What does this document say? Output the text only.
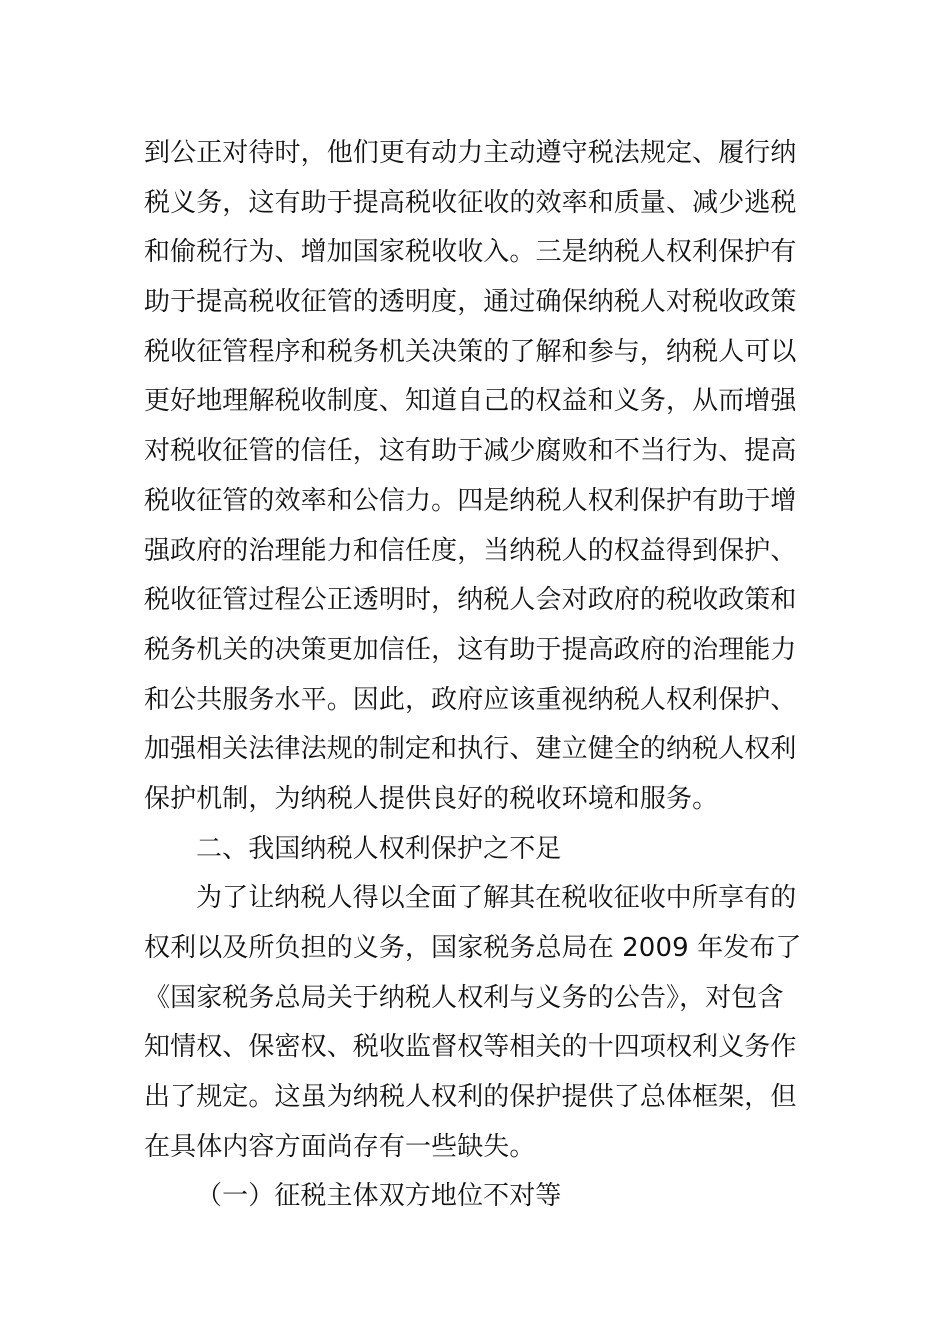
到公正对待时，他们更有动力主动遵守税法规定、履行纳
税义务，这有助于提高税收征收的效率和质量、减少逃税
和偷税行为、增加国家税收收入。三是纳税人权利保护有
助于提高税收征管的透明度，通过确保纳税人对税收政策
税收征管程序和税务机关决策的了解和参与，纳税人可以
更好地理解税收制度、知道自己的权益和义务，从而增强
对税收征管的信任，这有助于减少腐败和不当行为、提高
税收征管的效率和公信力。四是纳税人权利保护有助于增
强政府的治理能力和信任度，当纳税人的权益得到保护、
税收征管过程公正透明时，纳税人会对政府的税收政策和
税务机关的决策更加信任，这有助于提高政府的治理能力
和公共服务水平。因此，政府应该重视纳税人权利保护、
加强相关法律法规的制定和执行、建立健全的纳税人权利
保护机制，为纳税人提供良好的税收环境和服务。
二、我国纳税人权利保护之不足
为了让纳税人得以全面了解其在税收征收中所享有的
权利以及所负担的义务，国家税务总局在 2009 年发布了
《国家税务总局关于纳税人权利与义务的公告》，对包含
知情权、保密权、税收监督权等相关的十四项权利义务作
出了规定。这虽为纳税人权利的保护提供了总体框架，但
在具体内容方面尚存有一些缺失。
（一）征税主体双方地位不对等
